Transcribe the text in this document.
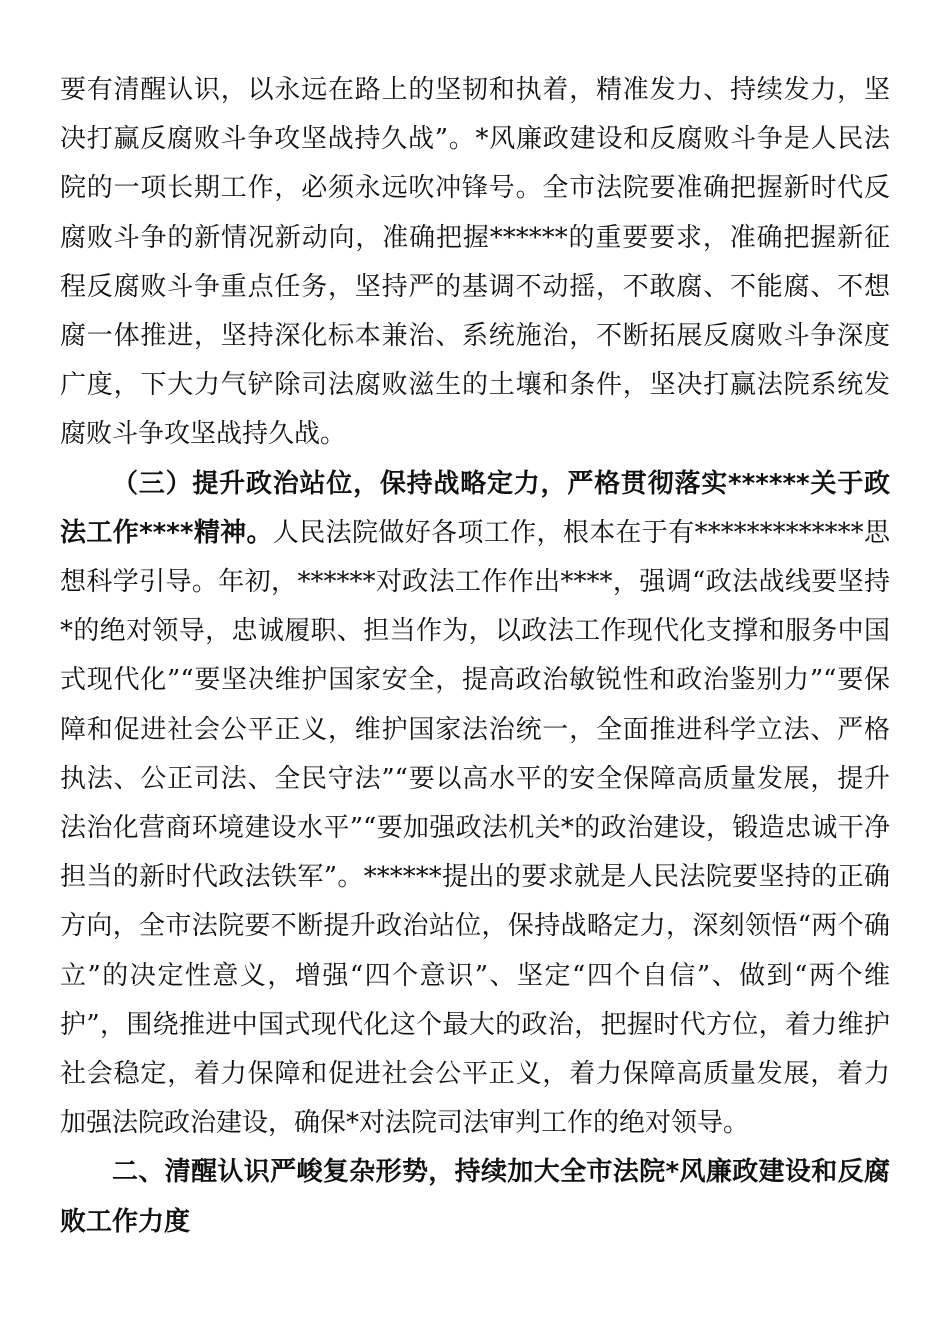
要有清醒认识，以永远在路上的坚韧和执着，精准发力、持续发力，坚决打赢反腐败斗争攻坚战持久战”。*风廉政建设和反腐败斗争是人民法院的一项长期工作，必须永远吹冲锋号。全市法院要准确把握新时代反腐败斗争的新情况新动向，准确把握******的重要要求，准确把握新征程反腐败斗争重点任务，坚持严的基调不动摇，不敢腐、不能腐、不想腐一体推进，坚持深化标本兼治、系统施治，不断拓展反腐败斗争深度广度，下大力气铲除司法腐败滋生的土壤和条件，坚决打赢法院系统发腐败斗争攻坚战持久战。

（三）提升政治站位，保持战略定力，严格贯彻落实******关于政法工作****精神。人民法院做好各项工作，根本在于有*************思想科学引导。年初，******对政法工作作出****，强调“政法战线要坚持*的绝对领导，忠诚履职、担当作为，以政法工作现代化支撑和服务中国式现代化”“要坚决维护国家安全，提高政治敏锐性和政治鉴别力”“要保障和促进社会公平正义，维护国家法治统一，全面推进科学立法、严格执法、公正司法、全民守法”“要以高水平的安全保障高质量发展，提升法治化营商环境建设水平”“要加强政法机关*的政治建设，锻造忠诚干净担当的新时代政法铁军”。******提出的要求就是人民法院要坚持的正确方向，全市法院要不断提升政治站位，保持战略定力，深刻领悟“两个确立”的决定性意义，增强“四个意识”、坚定“四个自信”、做到“两个维护”，围绕推进中国式现代化这个最大的政治，把握时代方位，着力维护社会稳定，着力保障和促进社会公平正义，着力保障高质量发展，着力加强法院政治建设，确保*对法院司法审判工作的绝对领导。

二、清醒认识严峻复杂形势，持续加大全市法院*风廉政建设和反腐败工作力度
